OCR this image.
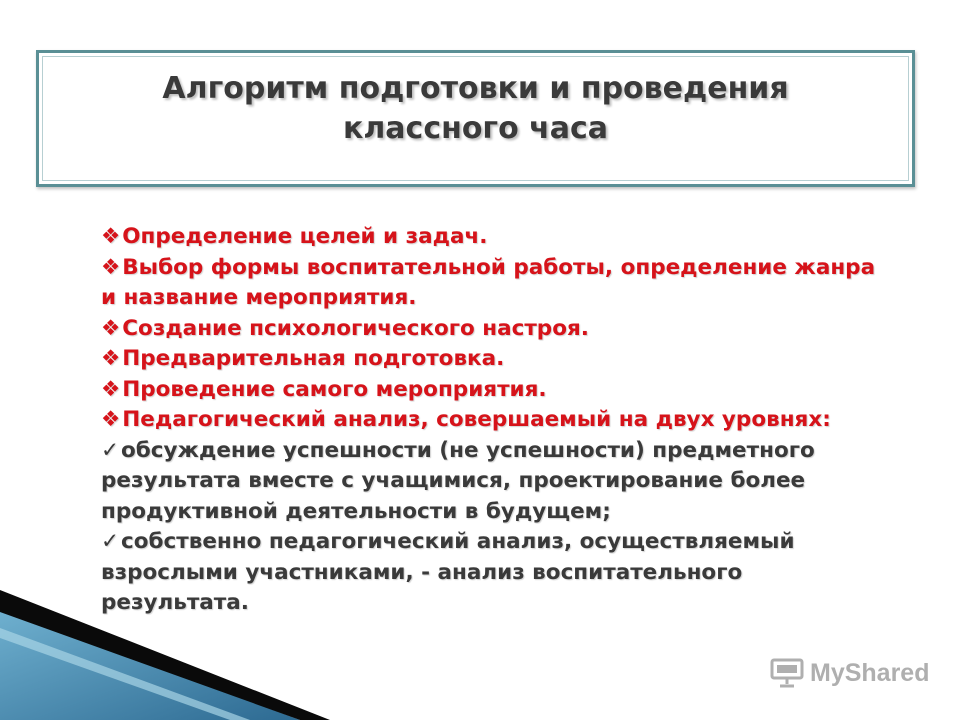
Алгоритм подготовки и проведения
классного часа

❖Определение целей и задач.

❖Выбор формы воспитательной работы, определение жанра и название мероприятия.

❖Создание психологического настроя.

❖Предварительная подготовка.

❖Проведение самого мероприятия.

❖Педагогический анализ, совершаемый на двух уровнях:

✓обсуждение успешности (не успешности) предметного результата вместе с учащимися, проектирование более продуктивной деятельности в будущем;

✓собственно педагогический анализ, осуществляемый взрослыми участниками, - анализ воспитательного результата.

MyShared
